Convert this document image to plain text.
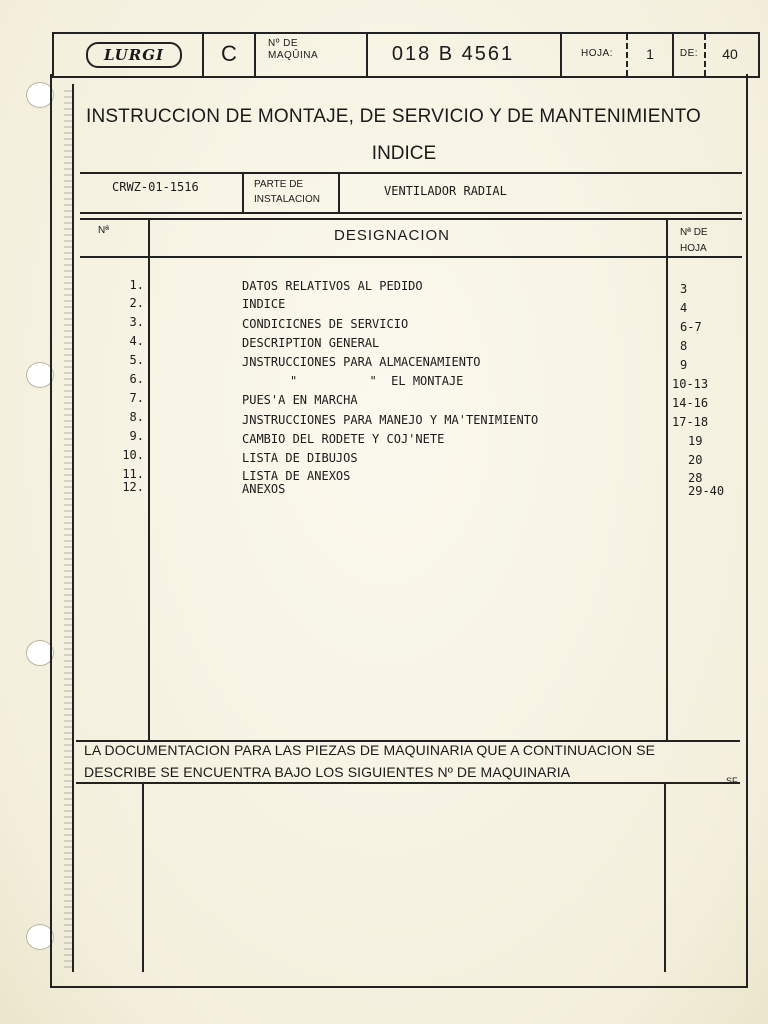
LURGI	C	Nº DE
MAQÛINA	018 B 4561	HOJA:	1	DE:	40
INSTRUCCION DE MONTAJE, DE SERVICIO Y DE MANTENIMIENTO
INDICE
CRWZ-01-1516	PARTE DE
INSTALACION
VENTILADOR RADIAL
Nª	DESIGNACION	Nª DE
HOJA
1.	DATOS RELATIVOS AL PEDIDO	3
2.	INDICE	4
3.	CONDICICNES DE SERVICIO	6-7
4.	DESCRIPTION GENERAL	8
5.	JNSTRUCCIONES PARA ALMACENAMIENTO	9
6.	"          "  EL MONTAJE	10-13
7.	PUES'A EN MARCHA	14-16
8.	JNSTRUCCIONES PARA MANEJO Y MA'TENIMIENTO	17-18
9.	CAMBIO DEL RODETE Y COJ'NETE	19
10.	LISTA DE DIBUJOS	20
11.	LISTA DE ANEXOS	28
12.	ANEXOS	29-40
LA DOCUMENTACION PARA LAS PIEZAS DE MAQUINARIA QUE A CONTINUACION SE
DESCRIBE SE ENCUENTRA BAJO LOS SIGUIENTES Nº DE MAQUINARIA
SF
